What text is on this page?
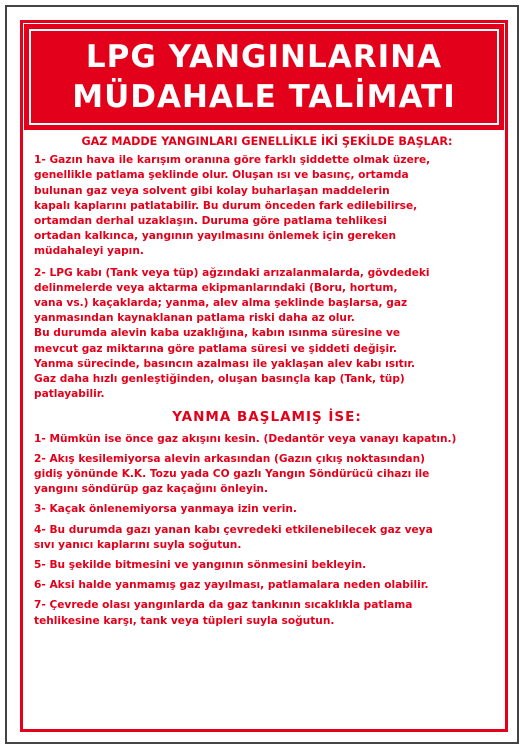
LPG YANGINLARINA
MÜDAHALE TALİMATI
GAZ MADDE YANGINLARI GENELLİKLE İKİ ŞEKİLDE BAŞLAR:
1- Gazın hava ile karışım oranına göre farklı şiddette olmak üzere,
genellikle patlama şeklinde olur. Oluşan ısı ve basınç, ortamda
bulunan gaz veya solvent gibi kolay buharlaşan maddelerin
kapalı kaplarını patlatabilir. Bu durum önceden fark edilebilirse,
ortamdan derhal uzaklaşın. Duruma göre patlama tehlikesi
ortadan kalkınca, yangının yayılmasını önlemek için gereken
müdahaleyi yapın.
2- LPG kabı (Tank veya tüp) ağzındaki arızalanmalarda, gövdedeki
delinmelerde veya aktarma ekipmanlarındaki (Boru, hortum,
vana vs.) kaçaklarda; yanma, alev alma şeklinde başlarsa, gaz
yanmasından kaynaklanan patlama riski daha az olur.
Bu durumda alevin kaba uzaklığına, kabın ısınma süresine ve
mevcut gaz miktarına göre patlama süresi ve şiddeti değişir.
Yanma sürecinde, basıncın azalması ile yaklaşan alev kabı ısıtır.
Gaz daha hızlı genleştiğinden, oluşan basınçla kap (Tank, tüp)
patlayabilir.
YANMA BAŞLAMIŞ İSE:
1- Mümkün ise önce gaz akışını kesin. (Dedantör veya vanayı kapatın.)
2- Akış kesilemiyorsa alevin arkasından (Gazın çıkış noktasından)
gidiş yönünde K.K. Tozu yada CO gazlı Yangın Söndürücü cihazı ile
yangını söndürüp gaz kaçağını önleyin.
3- Kaçak önlenemiyorsa yanmaya izin verin.
4- Bu durumda gazı yanan kabı çevredeki etkilenebilecek gaz veya
sıvı yanıcı kaplarını suyla soğutun.
5- Bu şekilde bitmesini ve yangının sönmesini bekleyin.
6- Aksi halde yanmamış gaz yayılması, patlamalara neden olabilir.
7- Çevrede olası yangınlarda da gaz tankının sıcaklıkla patlama
tehlikesine karşı, tank veya tüpleri suyla soğutun.
